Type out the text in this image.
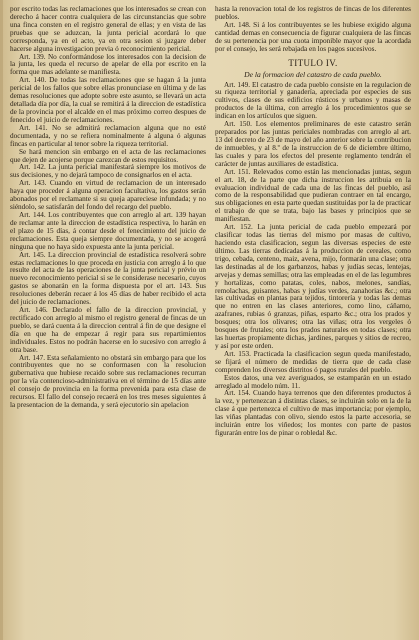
por escrito todas las reclamaciones que los interesados se crean con derecho á hacer contra cualquiera de las circunstancias que sobre una finca consten en el registro general de ellas; y en vista de las pruebas que se aduzcan, la junta pericial acordará lo que corresponda, ya en el acto, ya en otra sesion si juzgare deber hacerse alguna investigacion previa ó reconocimiento pericial.

Art. 139. No conformándose los interesados con la decision de la junta, les queda el recurso de apelar de ella por escrito en la forma que mas adelante se manifiesta.

Art. 140. De todas las reclamaciones que se hagan á la junta pericial de los fallos que sobre ellas pronunciase en última y de las demas resoluciones que adopte sobre este asunto, se llevará un acta detallada día por día, la cual se remitirá á la direccion de estadística de la provincia por el alcalde en el mas próximo correo despues de fenecido el juicio de reclamaciones.

Art. 141. No se admitirá reclamacion alguna que no esté documentada, y no se refiera nominalmente á alguna ó algunas fincas en particular al tenor sobre la riqueza territorial.

Se hará mencion sin embargo en el acta de las reclamaciones que dejen de acojerse porque carezcan de estos requisitos.

Art. 142. La junta pericial manifestará siempre los motivos de sus decisiones, y no dejará tampoco de consignarlos en el acta.

Art. 143. Cuando en virtud de reclamacion de un interesado haya que proceder á alguna operacion facultativa, los gastos serán abonados por el reclamante si su queja apareciese infundada; y no siéndolo, se satisfarán del fondo del recargo del pueblo.

Art. 144. Los contribuyentes que con arreglo al art. 139 hayan de reclamar ante la direccion de estadística respectiva, lo harán en el plazo de 15 días, á contar desde el fenecimiento del juicio de reclamaciones. Esta queja siempre documentada, y no se acogerá ninguna que no haya sido expuesta ante la junta pericial.

Art. 145. La direccion provincial de estadística resolverá sobre estas reclamaciones lo que proceda en justicia con arreglo á lo que resulte del acta de las operaciones de la junta pericial y prévio un nuevo reconocimiento pericial si se le considerase necesario, cuyos gastos se abonarán en la forma dispuesta por el art. 143. Sus resoluciones deberán recaer á los 45 días de haber recibido el acta del juicio de reclamaciones.

Art. 146. Declarado el fallo de la direccion provincial, y rectificado con arreglo al mismo el registro general de fincas de un pueblo, se dará cuenta á la direccion central á fin de que designe el día en que ha de empezar á regir para sus repartimientos individuales. Estos no podrán hacerse en lo sucesivo con arreglo á otra base.

Art. 147. Esta señalamiento no obstará sin embargo para que los contribuyentes que no se conformasen con la resolucion gubernativa que hubiese recaido sobre sus reclamaciones recurran por la vía contencioso-administrativa en el término de 15 días ante el consejo de provincia en la forma prevenida para esta clase de recursos. El fallo del consejo recaerá en los tres meses siguientes á la presentacion de la demanda, y será ejecutorio sin apelacion

hasta la renovacion total de los registros de fincas de los diferentes pueblos.

Art. 148. Si á los contribuyentes se les hubiese exigido alguna cantidad demas en consecuencia de figurar cualquiera de las fincas de su pertenencia por una cuota imponible mayor que la acordada por el consejo, les será rebajada en los pagos sucesivos.

TITULO IV.
De la formacion del catastro de cada pueblo.

Art. 149. El catastro de cada pueblo consiste en la regulacion de su riqueza territorial y ganadería, apreciada por especies de sus cultivos, clases de sus edificios rústicos y urbanos y masas de productos de la última, con arreglo á los procedimientos que se indican en los artículos que siguen.

Art. 150. Los elementos preliminares de este catastro serán preparados por las juntas periciales nombradas con arreglo al art. 13 del decreto de 23 de mayo del año anterior sobre la contribucion de inmuebles, y al 8.º de la instruccion de 6 de diciembre último, las cuales y para los efectos del presente reglamento tendrán el carácter de juntas auxiliares de estadística.

Art. 151. Relevados como están las mencionadas juntas, segun el art. 18, de la parte que dicha instruccion les atribuia en la evaluacion individual de cada una de las fincas del pueblo, así como de la responsabilidad que pudieran contraer en tal encargo, sus obligaciones en esta parte quedan sustituidas por la de practicar el trabajo de que se trata, bajo las bases y principios que se manifiestan.

Art. 152. La junta pericial de cada pueblo empezará por clasificar todas las tierras del mismo por masas de cultivo, haciendo esta clasificacion, segun las diversas especies de este último. Las tierras dedicadas á la produccion de cereales, como trigo, cebada, centeno, maiz, avena, mijo, formarán una clase; otra las destinadas al de los garbanzos, habas y judías secas, lentejas, arvejas y demas semillas; otra las empleadas en el de las legumbres y hortalizas, como patatas, coles, nabos, melones, sandías, remolachas, guisantes, habas y judías verdes, zanahorias &c.; otra las cultivadas en plantas para tejidos, tintorería y todas las demas que no entren en las clases anteriores, como lino, cáñamo, azafranes, rubias ó granzas, piñas, esparto &c.; otra los prados y bosques; otra los olivares; otra las viñas; otra los vergeles ó bosques de frutales; otra los prados naturales en todas clases; otra las huertas propiamente dichas, jardines, parques y sitios de recreo, y así por este orden.

Art. 153. Practicada la clasificacion segun queda manifestado, se fijará el número de medidas de tierra que de cada clase comprenden los diversos distritos ó pagos rurales del pueblo.

Estos datos, una vez averiguados, se estamparán en un estado arreglado al modelo núm. 11.

Art. 154. Cuando haya terrenos que den diferentes productos á la vez, y pertenezcan á distintas clases, se incluirán solo en la de la clase á que pertenezca el cultivo de mas importancia; por ejemplo, las viñas plantadas con olivo, siendo estos la parte accesoria, se incluirán entre los viñedos; los montes con parte de pastos figurarán entre los de pinar o robledal &c.
